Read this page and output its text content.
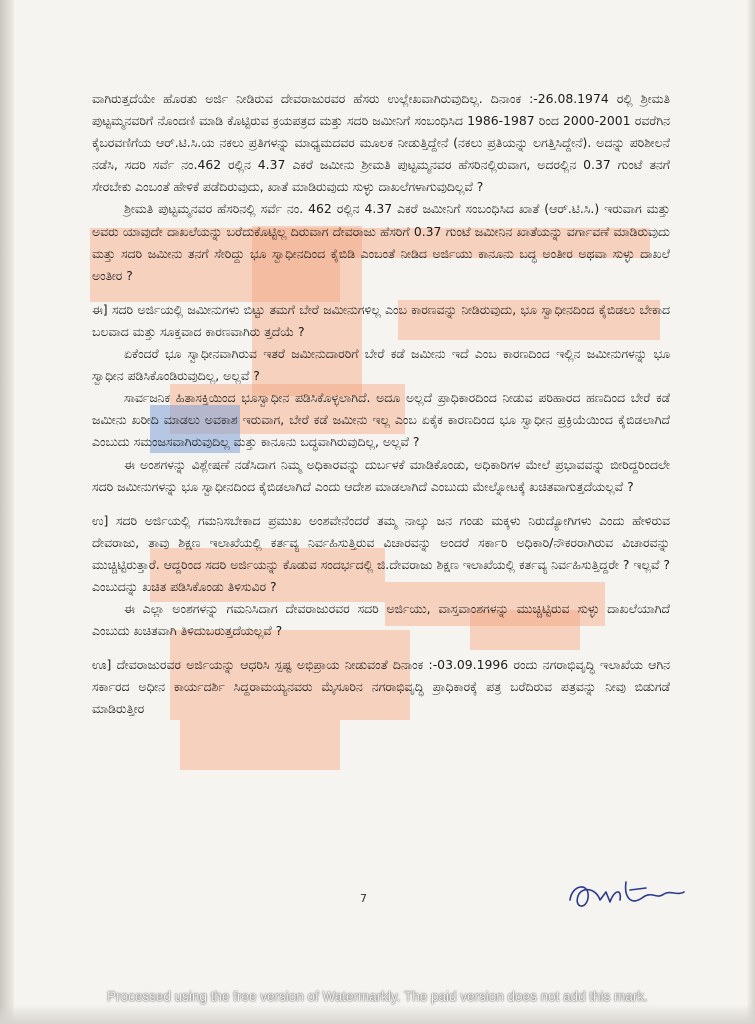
ವಾಗಿರುತ್ತದೆಯೇ ಹೊರತು ಅರ್ಜಿ ನೀಡಿರುವ ದೇವರಾಜುರವರ ಹೆಸರು ಉಲ್ಲೇಖವಾಗಿರುವುದಿಲ್ಲ. ದಿನಾಂಕ :-26.08.1974 ರಲ್ಲಿ ಶ್ರೀಮತಿ ಪುಟ್ಟಮ್ಮನವರಿಗೆ ನೊಂದಣಿ ಮಾಡಿ ಕೊಟ್ಟಿರುವ ಕ್ರಯಪತ್ರದ ಮತ್ತು ಸದರಿ ಜಮೀನಿಗೆ ಸಂಬಂಧಿಸಿದ 1986-1987 ರಿಂದ 2000-2001 ರವರೆಗಿನ ಕೈಬರವಣಿಗೆಯ ಆರ್.ಟಿ.ಸಿ.ಯ ನಕಲು ಪ್ರತಿಗಳನ್ನು ಮಾಧ್ಯಮದವರ ಮೂಲಕ ನೀಡುತ್ತಿದ್ದೇನೆ (ನಕಲು ಪ್ರತಿಯನ್ನು ಲಗತ್ತಿಸಿದ್ದೇನೆ). ಅದನ್ನು ಪರಿಶೀಲನೆ ನಡೆಸಿ, ಸದರಿ ಸರ್ವೆ ನಂ.462 ರಲ್ಲಿನ 4.37 ಎಕರೆ ಜಮೀನು ಶ್ರೀಮತಿ ಪುಟ್ಟಮ್ಮನವರ ಹೆಸರಿನಲ್ಲಿರುವಾಗ, ಅದರಲ್ಲಿನ 0.37 ಗುಂಟೆ ತನಗೆ ಸೇರಬೇಕು ಎಂಬಂತೆ ಹೇಳಿಕೆ ಪಡೆದಿರುವುದು, ಖಾತೆ ಮಾಡಿರುವುದು ಸುಳ್ಳು ದಾಖಲೆಗಳಾಗುವುದಿಲ್ಲವೆ ?

ಶ್ರೀಮತಿ ಪುಟ್ಟಮ್ಮನವರ ಹೆಸರಿನಲ್ಲಿ ಸರ್ವೆ ನಂ. 462 ರಲ್ಲಿನ 4.37 ಎಕರೆ ಜಮೀನಿಗೆ ಸಂಬಂಧಿಸಿದ ಖಾತೆ (ಆರ್.ಟಿ.ಸಿ.) ಇರುವಾಗ ಮತ್ತು ಅವರು ಯಾವುದೇ ದಾಖಲೆಯನ್ನು ಬರೆದುಕೊಟ್ಟಿಲ್ಲ ದಿರುವಾಗ ದೇವರಾಜು ಹೆಸರಿಗೆ 0.37 ಗುಂಟೆ ಜಮೀನಿನ ಖಾತೆಯನ್ನು ವರ್ಗಾವಣೆ ಮಾಡಿರುವುದು ಮತ್ತು ಸದರಿ ಜಮೀನು ತನಗೆ ಸೇರಿದ್ದು ಭೂ ಸ್ವಾಧೀನದಿಂದ ಕೈಬಿಡಿ ಎಂಬಂತೆ ನೀಡಿದ ಅರ್ಜಿಯು ಕಾನೂನು ಬದ್ಧ ಅಂತೀರ ಅಥವಾ ಸುಳ್ಳು ದಾಖಲೆ ಅಂತೀರ ?

ಈ] ಸದರಿ ಅರ್ಜಿಯಲ್ಲಿ ಜಮೀನುಗಳು ಬಿಟ್ಟು ತಮಗೆ ಬೇರೆ ಜಮೀನುಗಳಿಲ್ಲ ಎಂಬ ಕಾರಣವನ್ನು ನೀಡಿರುವುದು, ಭೂ ಸ್ವಾಧೀನದಿಂದ ಕೈಬಿಡಲು ಬೇಕಾದ ಬಲವಾದ ಮತ್ತು ಸೂಕ್ತವಾದ ಕಾರಣವಾಗಿರು ತ್ತದೆಯೆ ?

ಏಕೆಂದರೆ ಭೂ ಸ್ವಾಧೀನವಾಗಿರುವ ಇತರೆ ಜಮೀನುದಾರರಿಗೆ ಬೇರೆ ಕಡೆ ಜಮೀನು ಇದೆ ಎಂಬ ಕಾರಣದಿಂದ ಇಲ್ಲಿನ ಜಮೀನುಗಳನ್ನು ಭೂ ಸ್ವಾಧೀನ ಪಡಿಸಿಕೊಂಡಿರುವುದಿಲ್ಲ, ಅಲ್ಲವೆ ?

ಸಾರ್ವಜನಿಕ ಹಿತಾಸಕ್ತಿಯಿಂದ ಭೂಸ್ವಾಧೀನ ಪಡಿಸಿಕೊಳ್ಳಲಾಗಿದೆ. ಅದೂ ಅಲ್ಲದೆ ಪ್ರಾಧಿಕಾರದಿಂದ ನೀಡುವ ಪರಿಹಾರದ ಹಣದಿಂದ ಬೇರೆ ಕಡೆ ಜಮೀನು ಖರೀದಿ ಮಾಡಲು ಅವಕಾಶ ಇರುವಾಗ, ಬೇರೆ ಕಡೆ ಜಮೀನು ಇಲ್ಲ ಎಂಬ ಏಕೈಕ ಕಾರಣದಿಂದ ಭೂ ಸ್ವಾಧೀನ ಪ್ರಕ್ರಿಯೆಯಿಂದ ಕೈಬಿಡಲಾಗಿದೆ ಎಂಬುದು ಸಮಂಜಸವಾಗಿರುವುದಿಲ್ಲ ಮತ್ತು ಕಾನೂನು ಬದ್ಧವಾಗಿರುವುದಿಲ್ಲ, ಅಲ್ಲವೆ ?

ಈ ಅಂಶಗಳನ್ನು ವಿಶ್ಲೇಷಣೆ ನಡೆಸಿದಾಗ ನಿಮ್ಮ ಅಧಿಕಾರವನ್ನು ದುರ್ಬಳಕೆ ಮಾಡಿಕೊಂಡು, ಅಧಿಕಾರಿಗಳ ಮೇಲೆ ಪ್ರಭಾವವನ್ನು ಬೀರಿದ್ದರಿಂದಲೇ ಸದರಿ ಜಮೀನುಗಳನ್ನು ಭೂ ಸ್ವಾಧೀನದಿಂದ ಕೈಬಿಡಲಾಗಿದೆ ಎಂದು ಆದೇಶ ಮಾಡಲಾಗಿದೆ ಎಂಬುದು ಮೇಲ್ನೋಟಕ್ಕೆ ಖಚಿತವಾಗುತ್ತದೆಯಲ್ಲವೆ ?

ಉ] ಸದರಿ ಅರ್ಜಿಯಲ್ಲಿ ಗಮನಿಸಬೇಕಾದ ಪ್ರಮುಖ ಅಂಶವೇನೆಂದರೆ ತಮ್ಮ ನಾಲ್ಕು ಜನ ಗಂಡು ಮಕ್ಕಳು ನಿರುದ್ಯೋಗಿಗಳು ಎಂದು ಹೇಳಿರುವ ದೇವರಾಜು, ತಾವು ಶಿಕ್ಷಣ ಇಲಾಖೆಯಲ್ಲಿ ಕರ್ತವ್ಯ ನಿರ್ವಹಿಸುತ್ತಿರುವ ವಿಚಾರವನ್ನು ಅಂದರೆ ಸರ್ಕಾರಿ ಅಧಿಕಾರಿ/ನೌಕರರಾಗಿರುವ ವಿಚಾರವನ್ನು ಮುಚ್ಚಿಟ್ಟಿರುತ್ತಾರೆ. ಆದ್ದರಿಂದ ಸದರಿ ಅರ್ಜಿಯನ್ನು ಕೊಡುವ ಸಂದರ್ಭದಲ್ಲಿ ಜಿ.ದೇವರಾಜು ಶಿಕ್ಷಣ ಇಲಾಖೆಯಲ್ಲಿ ಕರ್ತವ್ಯ ನಿರ್ವಹಿಸುತ್ತಿದ್ದರೇ ? ಇಲ್ಲವೆ ? ಎಂಬುದನ್ನು ಖಚಿತ ಪಡಿಸಿಕೊಂಡು ತಿಳಿಸುವಿರ ?

ಈ ಎಲ್ಲಾ ಅಂಶಗಳನ್ನು ಗಮನಿಸಿದಾಗ ದೇವರಾಜುರವರ ಸದರಿ ಅರ್ಜಿಯು, ವಾಸ್ತವಾಂಶಗಳನ್ನು ಮುಚ್ಚಿಟ್ಟಿರುವ ಸುಳ್ಳು ದಾಖಲೆಯಾಗಿದೆ ಎಂಬುದು ಖಚಿತವಾಗಿ ತಿಳಿದುಬರುತ್ತದೆಯಲ್ಲವೆ ?

ಊ] ದೇವರಾಜುರವರ ಅರ್ಜಿಯನ್ನು ಆಧರಿಸಿ ಸ್ಪಷ್ಟ ಅಭಿಪ್ರಾಯ ನೀಡುವಂತೆ ದಿನಾಂಕ :-03.09.1996 ರಂದು ನಗರಾಭಿವೃದ್ಧಿ ಇಲಾಖೆಯ ಆಗಿನ ಸರ್ಕಾರದ ಅಧೀನ ಕಾರ್ಯದರ್ಶಿ ಸಿದ್ದರಾಮಯ್ಯನವರು ಮೈಸೂರಿನ ನಗರಾಭಿವೃದ್ಧಿ ಪ್ರಾಧಿಕಾರಕ್ಕೆ ಪತ್ರ ಬರೆದಿರುವ ಪತ್ರವನ್ನು ನೀವು ಬಿಡುಗಡೆ ಮಾಡಿರುತ್ತೀರ

7
Processed using the free version of Watermarkly. The paid version does not add this mark.
